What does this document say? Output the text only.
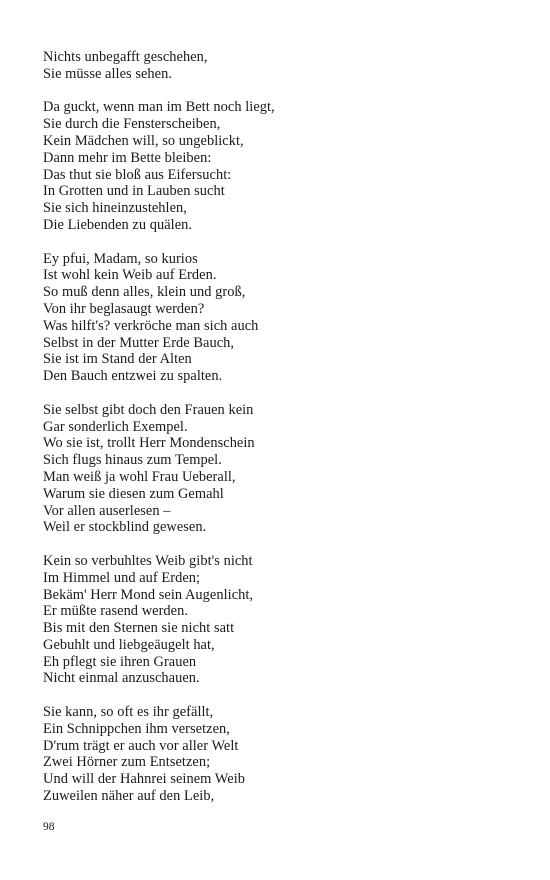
Nichts unbegafft geschehen,
Sie müsse alles sehen.
Da guckt, wenn man im Bett noch liegt,
Sie durch die Fensterscheiben,
Kein Mädchen will, so ungeblickt,
Dann mehr im Bette bleiben:
Das thut sie bloß aus Eifersucht:
In Grotten und in Lauben sucht
Sie sich hineinzustehlen,
Die Liebenden zu quälen.
Ey pfui, Madam, so kurios
Ist wohl kein Weib auf Erden.
So muß denn alles, klein und groß,
Von ihr beglasaugt werden?
Was hilft's? verkröche man sich auch
Selbst in der Mutter Erde Bauch,
Sie ist im Stand der Alten
Den Bauch entzwei zu spalten.
Sie selbst gibt doch den Frauen kein
Gar sonderlich Exempel.
Wo sie ist, trollt Herr Mondenschein
Sich flugs hinaus zum Tempel.
Man weiß ja wohl Frau Ueberall,
Warum sie diesen zum Gemahl
Vor allen auserlesen –
Weil er stockblind gewesen.
Kein so verbuhltes Weib gibt's nicht
Im Himmel und auf Erden;
Bekäm' Herr Mond sein Augenlicht,
Er müßte rasend werden.
Bis mit den Sternen sie nicht satt
Gebuhlt und liebgeäugelt hat,
Eh pflegt sie ihren Grauen
Nicht einmal anzuschauen.
Sie kann, so oft es ihr gefällt,
Ein Schnippchen ihm versetzen,
D'rum trägt er auch vor aller Welt
Zwei Hörner zum Entsetzen;
Und will der Hahnrei seinem Weib
Zuweilen näher auf den Leib,
98
